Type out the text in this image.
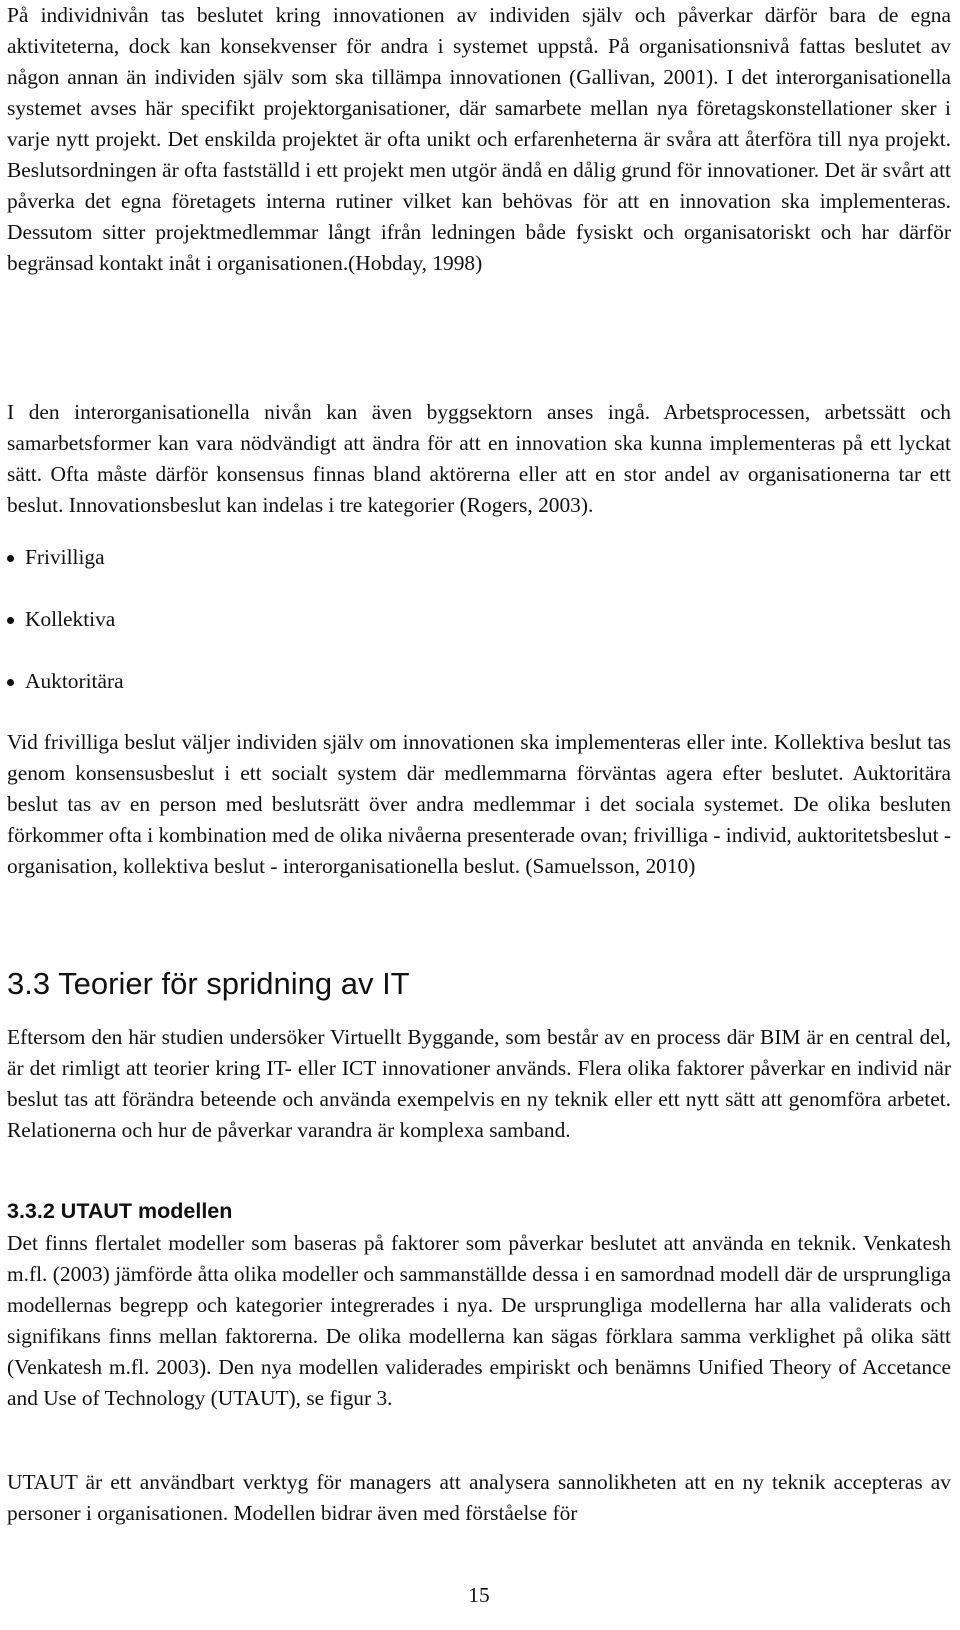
På individnivån tas beslutet kring innovationen av individen själv och påverkar därför bara de egna aktiviteterna, dock kan konsekvenser för andra i systemet uppstå. På organisationsnivå fattas beslutet av någon annan än individen själv som ska tillämpa innovationen (Gallivan, 2001). I det interorganisationella systemet avses här specifikt projektorganisationer, där samarbete mellan nya företagskonstellationer sker i varje nytt projekt. Det enskilda projektet är ofta unikt och erfarenheterna är svåra att återföra till nya projekt. Beslutsordningen är ofta fastställd i ett projekt men utgör ändå en dålig grund för innovationer. Det är svårt att påverka det egna företagets interna rutiner vilket kan behövas för att en innovation ska implementeras. Dessutom sitter projektmedlemmar långt ifrån ledningen både fysiskt och organisatoriskt och har därför begränsad kontakt inåt i organisationen.(Hobday, 1998)

I den interorganisationella nivån kan även byggsektorn anses ingå. Arbetsprocessen, arbetssätt och samarbetsformer kan vara nödvändigt att ändra för att en innovation ska kunna implementeras på ett lyckat sätt. Ofta måste därför konsensus finnas bland aktörerna eller att en stor andel av organisationerna tar ett beslut. Innovationsbeslut kan indelas i tre kategorier (Rogers, 2003).

Frivilliga
Kollektiva
Auktoritära

Vid frivilliga beslut väljer individen själv om innovationen ska implementeras eller inte. Kollektiva beslut tas genom konsensusbeslut i ett socialt system där medlemmarna förväntas agera efter beslutet. Auktoritära beslut tas av en person med beslutsrätt över andra medlemmar i det sociala systemet. De olika besluten förkommer ofta i kombination med de olika nivåerna presenterade ovan; frivilliga - individ, auktoritetsbeslut - organisation, kollektiva beslut - interorganisationella beslut. (Samuelsson, 2010)

3.3 Teorier för spridning av IT

Eftersom den här studien undersöker Virtuellt Byggande, som består av en process där BIM är en central del, är det rimligt att teorier kring IT- eller ICT innovationer används. Flera olika faktorer påverkar en individ när beslut tas att förändra beteende och använda exempelvis en ny teknik eller ett nytt sätt att genomföra arbetet. Relationerna och hur de påverkar varandra är komplexa samband.

3.3.2 UTAUT modellen

Det finns flertalet modeller som baseras på faktorer som påverkar beslutet att använda en teknik. Venkatesh m.fl. (2003) jämförde åtta olika modeller och sammanställde dessa i en samordnad modell där de ursprungliga modellernas begrepp och kategorier integrerades i nya. De ursprungliga modellerna har alla validerats och signifikans finns mellan faktorerna. De olika modellerna kan sägas förklara samma verklighet på olika sätt (Venkatesh m.fl. 2003). Den nya modellen validerades empiriskt och benämns Unified Theory of Accetance and Use of Technology (UTAUT), se figur 3.

UTAUT är ett användbart verktyg för managers att analysera sannolikheten att en ny teknik accepteras av personer i organisationen. Modellen bidrar även med förståelse för

15
